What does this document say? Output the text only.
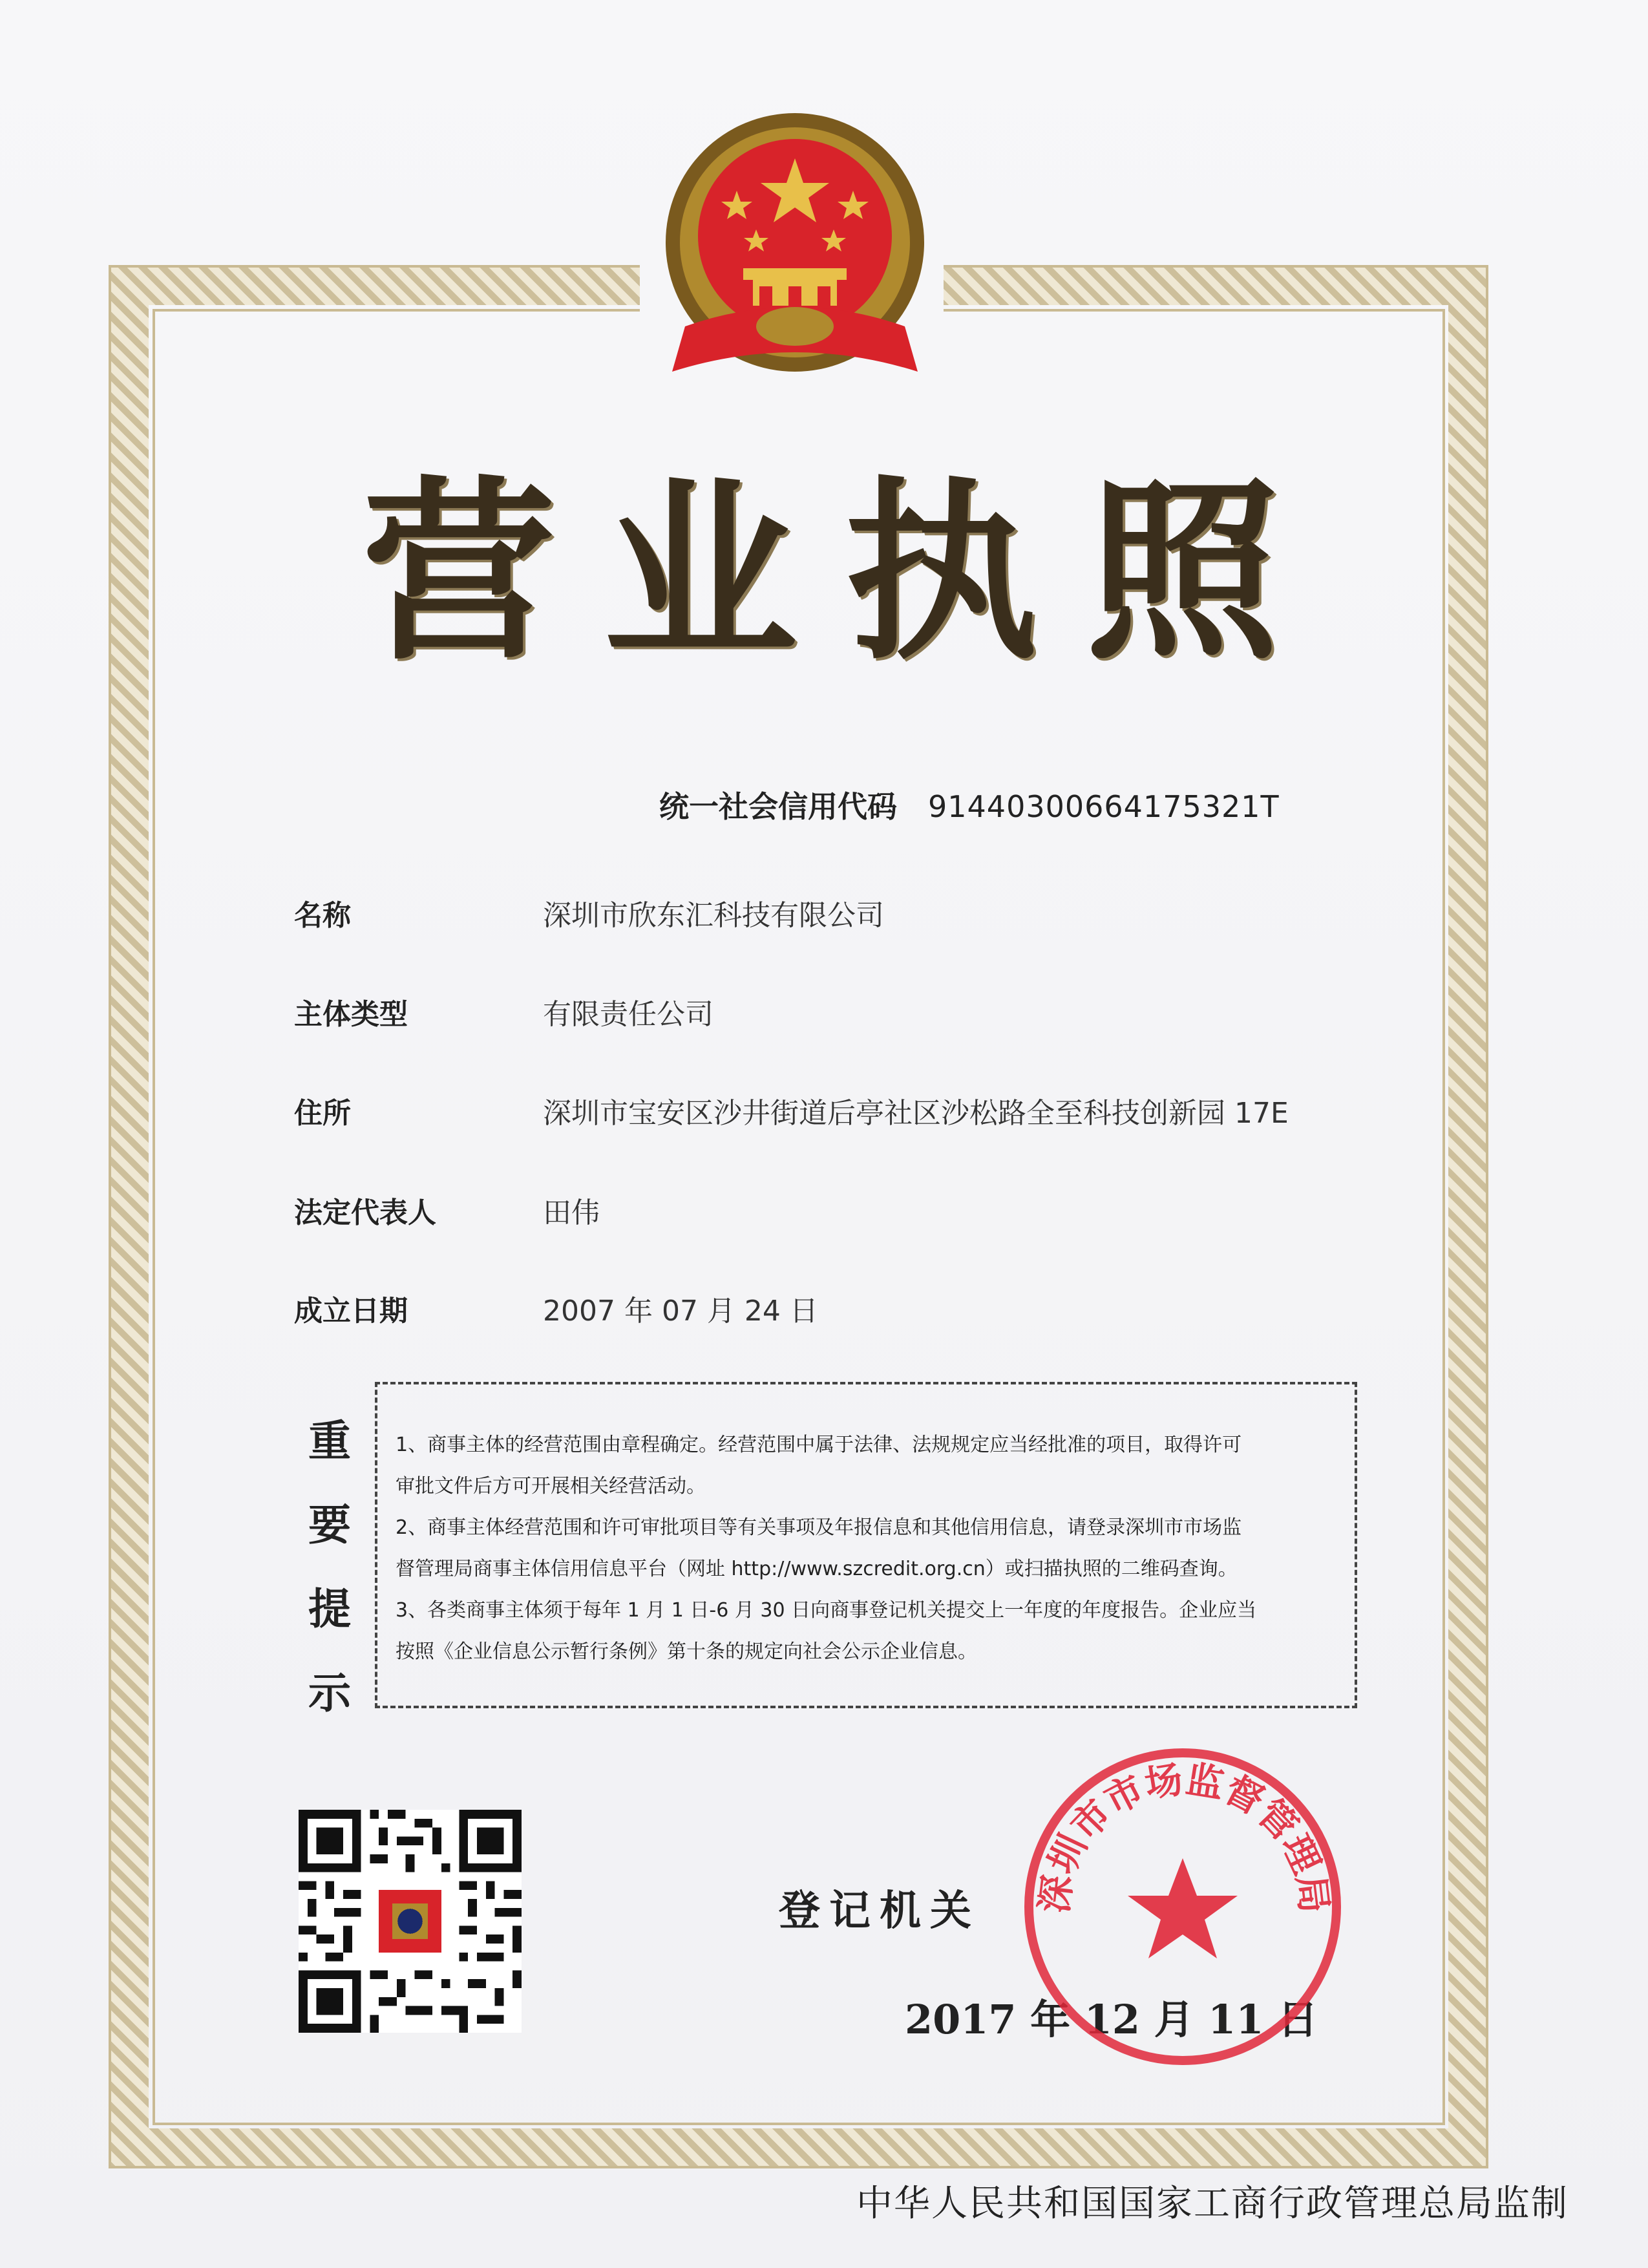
营 业 执 照
统一社会信用代码 91440300664175321T
名称	深圳市欣东汇科技有限公司
主体类型	有限责任公司
住所	深圳市宝安区沙井街道后亭社区沙松路全至科技创新园 17E
法定代表人	田伟
成立日期	2007 年 07 月 24 日
重
要
提
示

1、商事主体的经营范围由章程确定。经营范围中属于法律、法规规定应当经批准的项目，取得许可

审批文件后方可开展相关经营活动。

2、商事主体经营范围和许可审批项目等有关事项及年报信息和其他信用信息，请登录深圳市市场监

督管理局商事主体信用信息平台（网址 http://www.szcredit.org.cn）或扫描执照的二维码查询。

3、各类商事主体须于每年 1 月 1 日-6 月 30 日向商事登记机关提交上一年度的年度报告。企业应当

按照《企业信息公示暂行条例》第十条的规定向社会公示企业信息。

登记机关
2017 年 12 月 11 日
深圳市市场监督管理局
中华人民共和国国家工商行政管理总局监制
